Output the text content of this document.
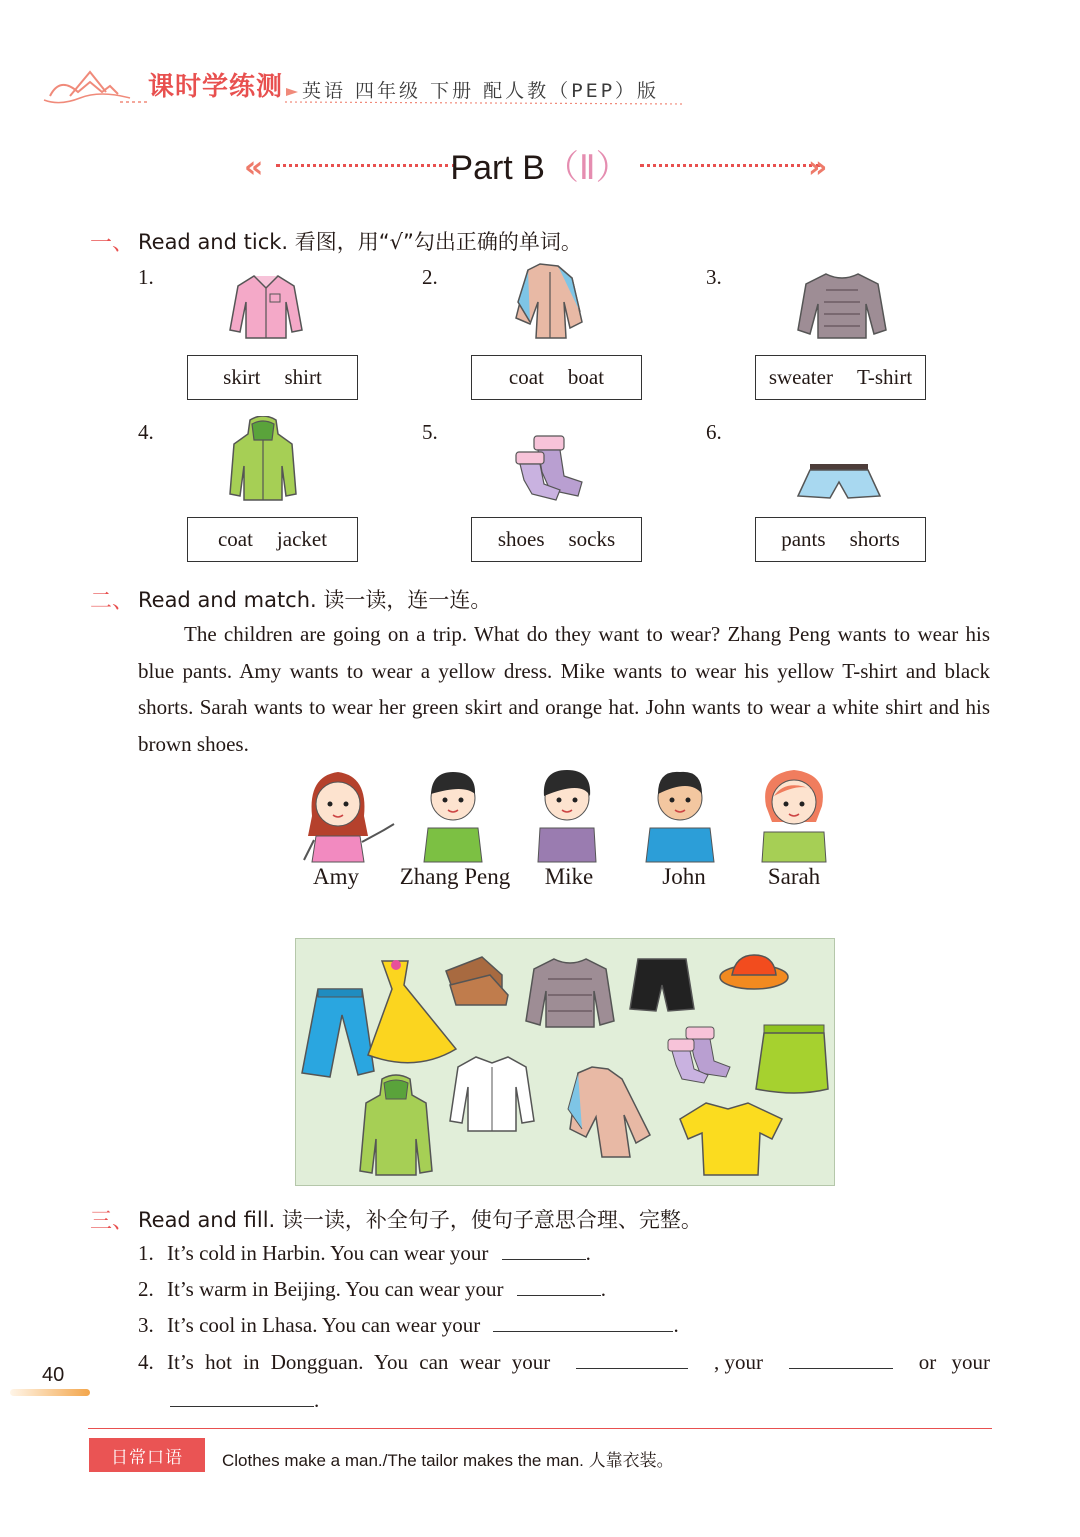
课时学练测 英语 四年级 下册 配人教（PEP）版
«	Part B（Ⅱ）	»
一、 Read and tick. 看图，用“√”勾出正确的单词。
1.	2.	3.
4.	5.	6.
skirt shirt	coat boat	sweater T-shirt
coat jacket	shoes socks	pants shorts
二、 Read and match. 读一读，连一连。
The children are going on a trip. What do they want to wear? Zhang Peng wants to wear his blue pants. Amy wants to wear a yellow dress. Mike wants to wear his yellow T-shirt and black shorts. Sarah wants to wear her green skirt and orange hat. John wants to wear a white shirt and his brown shoes.
Amy	Zhang Peng	Mike	John	Sarah
三、 Read and fill. 读一读，补全句子，使句子意思合理、完整。
1. It’s cold in Harbin. You can wear your	.
2. It’s warm in Beijing. You can wear your	.
3. It’s cool in Lhasa. You can wear your	.
4. It’s hot in Dongguan. You can wear your	, your	or your
.
40
日常口语	Clothes make a man./The tailor makes the man. 人靠衣装。
